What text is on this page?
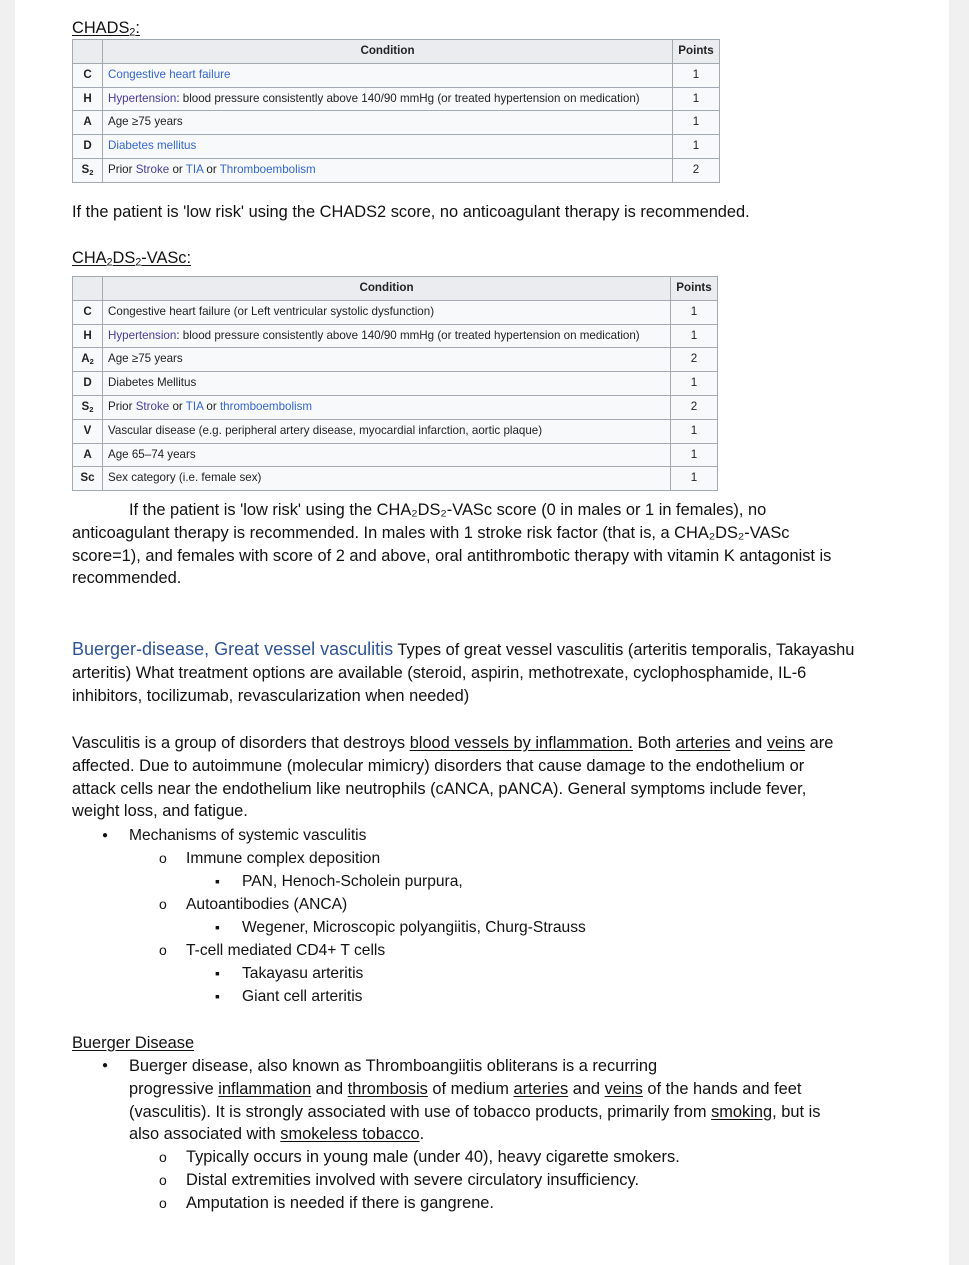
$CHADS_2$:
	Condition	Points
C	Congestive heart failure	1
H	Hypertension: blood pressure consistently above 140/90 mmHg (or treated hypertension on medication)	1
A	Age ≥75 years	1
D	Diabetes mellitus	1
$S_2$	Prior Stroke or TIA or Thromboembolism	2
If the patient is 'low risk' using the CHADS2 score, no anticoagulant therapy is recommended.
$CHA_2DS_2$-VASc:
	Condition	Points
C	Congestive heart failure (or Left ventricular systolic dysfunction)	1
H	Hypertension: blood pressure consistently above 140/90 mmHg (or treated hypertension on medication)	1
$A_2$	Age ≥75 years	2
D	Diabetes Mellitus	1
$S_2$	Prior Stroke or TIA or thromboembolism	2
V	Vascular disease (e.g. peripheral artery disease, myocardial infarction, aortic plaque)	1
A	Age 65–74 years	1
Sc	Sex category (i.e. female sex)	1
If the patient is 'low risk' using the CHA₂DS₂-VASc score (0 in males or 1 in females), no
anticoagulant therapy is recommended. In males with 1 stroke risk factor (that is, a CHA₂DS₂-VASc
score=1), and females with score of 2 and above, oral antithrombotic therapy with vitamin K antagonist is
recommended.
Buerger-disease, Great vessel vasculitis Types of great vessel vasculitis (arteritis temporalis, Takayashu
arteritis) What treatment options are available (steroid, aspirin, methotrexate, cyclophosphamide, IL-6
inhibitors, tocilizumab, revascularization when needed)
Vasculitis is a group of disorders that destroys blood vessels by inflammation. Both arteries and veins are
affected. Due to autoimmune (molecular mimicry) disorders that cause damage to the endothelium or
attack cells near the endothelium like neutrophils (cANCA, pANCA). General symptoms include fever,
weight loss, and fatigue.
● Mechanisms of systemic vasculitis
o Immune complex deposition
▪ PAN, Henoch-Scholein purpura,
o Autoantibodies (ANCA)
▪ Wegener, Microscopic polyangiitis, Churg-Strauss
o T-cell mediated CD4+ T cells
▪ Takayasu arteritis
▪ Giant cell arteritis
Buerger Disease
● Buerger disease, also known as Thromboangiitis obliterans is a recurring
progressive inflammation and thrombosis of medium arteries and veins of the hands and feet
(vasculitis). It is strongly associated with use of tobacco products, primarily from smoking, but is
also associated with smokeless tobacco.
o Typically occurs in young male (under 40), heavy cigarette smokers.
o Distal extremities involved with severe circulatory insufficiency.
o Amputation is needed if there is gangrene.
